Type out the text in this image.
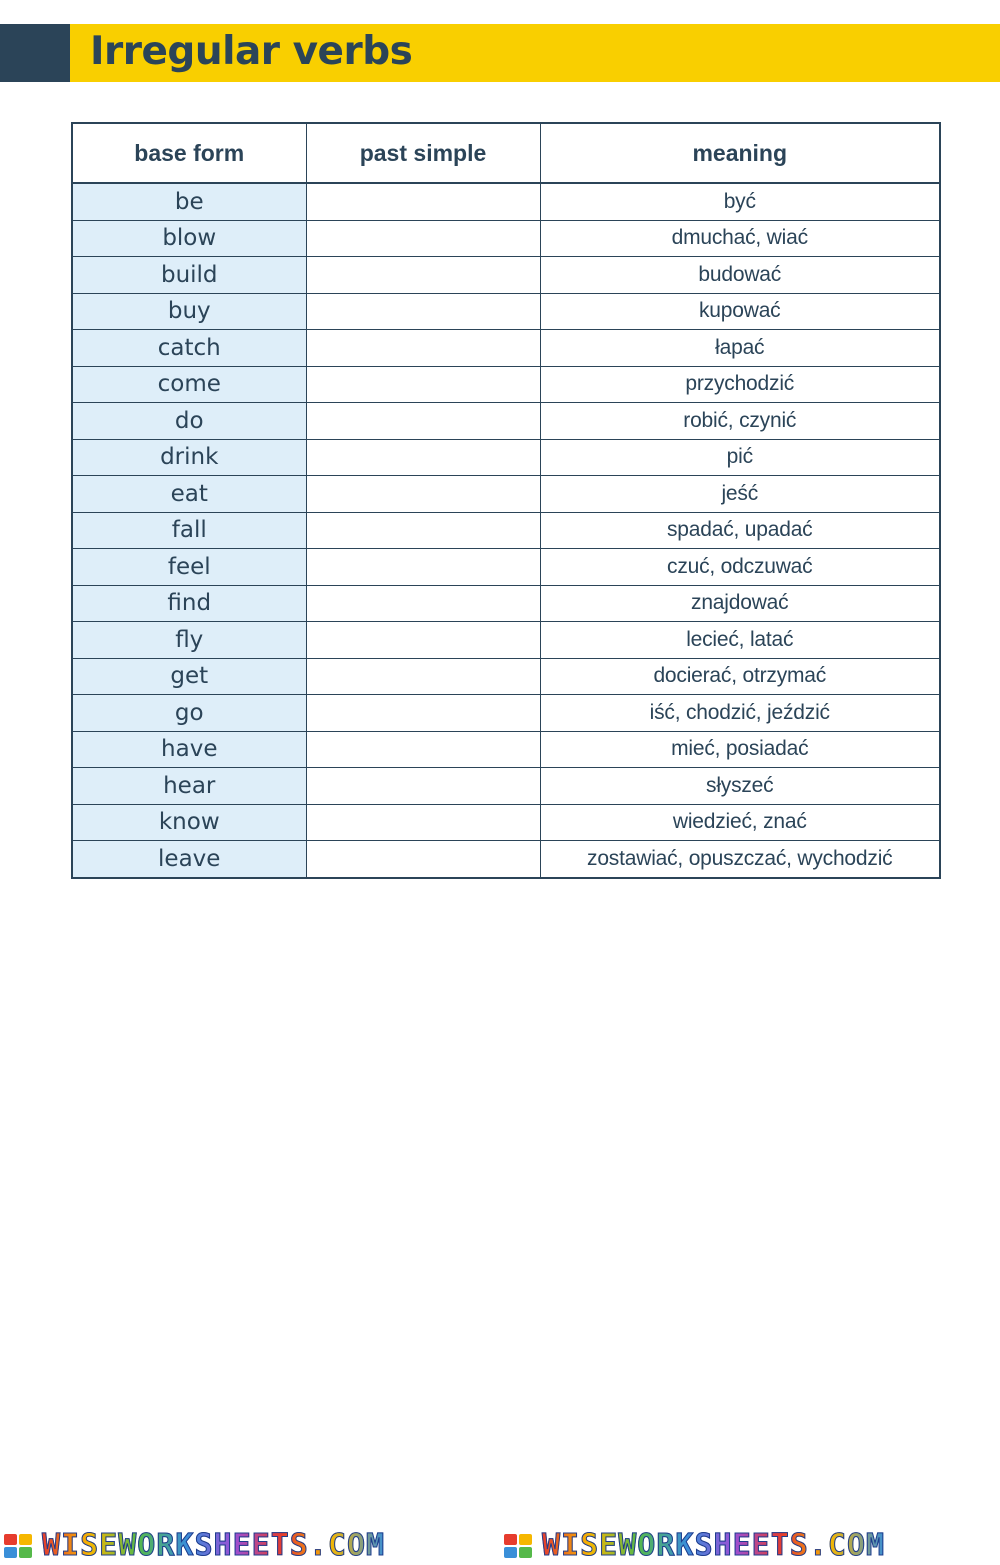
Irregular verbs
base form	past simple	meaning
be		być
blow		dmuchać, wiać
build		budować
buy		kupować
catch		łapać
come		przychodzić
do		robić, czynić
drink		pić
eat		jeść
fall		spadać, upadać
feel		czuć, odczuwać
find		znajdować
fly		lecieć, latać
get		docierać, otrzymać
go		iść, chodzić, jeździć
have		mieć, posiadać
hear		słyszeć
know		wiedzieć, znać
leave		zostawiać, opuszczać, wychodzić
WISEWORKSHEETS.COM	WISEWORKSHEETS.COM
